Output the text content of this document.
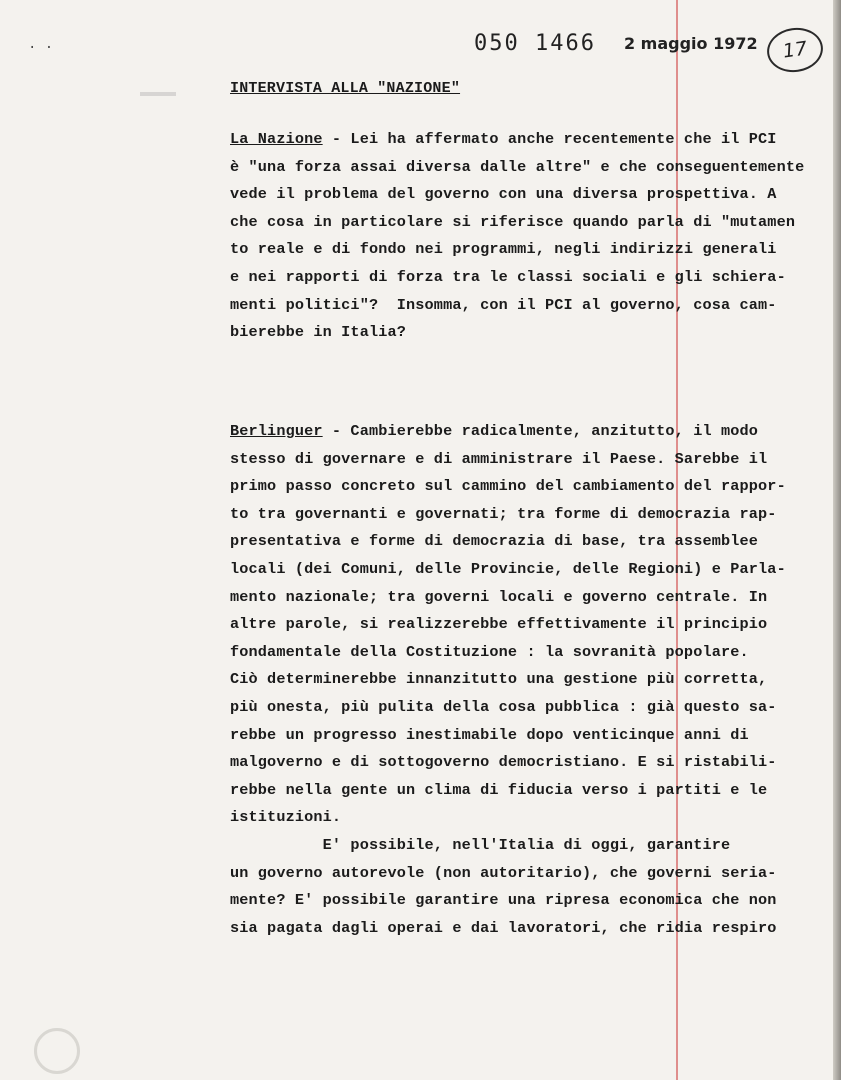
· ·	050 1466 2 maggio 1972	17
INTERVISTA ALLA "NAZIONE"
La Nazione - Lei ha affermato anche recentemente che il PCI
è "una forza assai diversa dalle altre" e che conseguentemente
vede il problema del governo con una diversa prospettiva. A
che cosa in particolare si riferisce quando parla di "mutamen
to reale e di fondo nei programmi, negli indirizzi generali
e nei rapporti di forza tra le classi sociali e gli schiera-
menti politici"?  Insomma, con il PCI al governo, cosa cam-
bierebbe in Italia?
Berlinguer - Cambierebbe radicalmente, anzitutto, il modo
stesso di governare e di amministrare il Paese. Sarebbe il
primo passo concreto sul cammino del cambiamento del rappor-
to tra governanti e governati; tra forme di democrazia rap-
presentativa e forme di democrazia di base, tra assemblee
locali (dei Comuni, delle Provincie, delle Regioni) e Parla-
mento nazionale; tra governi locali e governo centrale. In
altre parole, si realizzerebbe effettivamente il principio
fondamentale della Costituzione : la sovranità popolare.
Ciò determinerebbe innanzitutto una gestione più corretta,
più onesta, più pulita della cosa pubblica : già questo sa-
rebbe un progresso inestimabile dopo venticinque anni di
malgoverno e di sottogoverno democristiano. E si ristabili-
rebbe nella gente un clima di fiducia verso i partiti e le
istituzioni.
E' possibile, nell'Italia di oggi, garantire
un governo autorevole (non autoritario), che governi seria-
mente? E' possibile garantire una ripresa economica che non
sia pagata dagli operai e dai lavoratori, che ridia respiro
